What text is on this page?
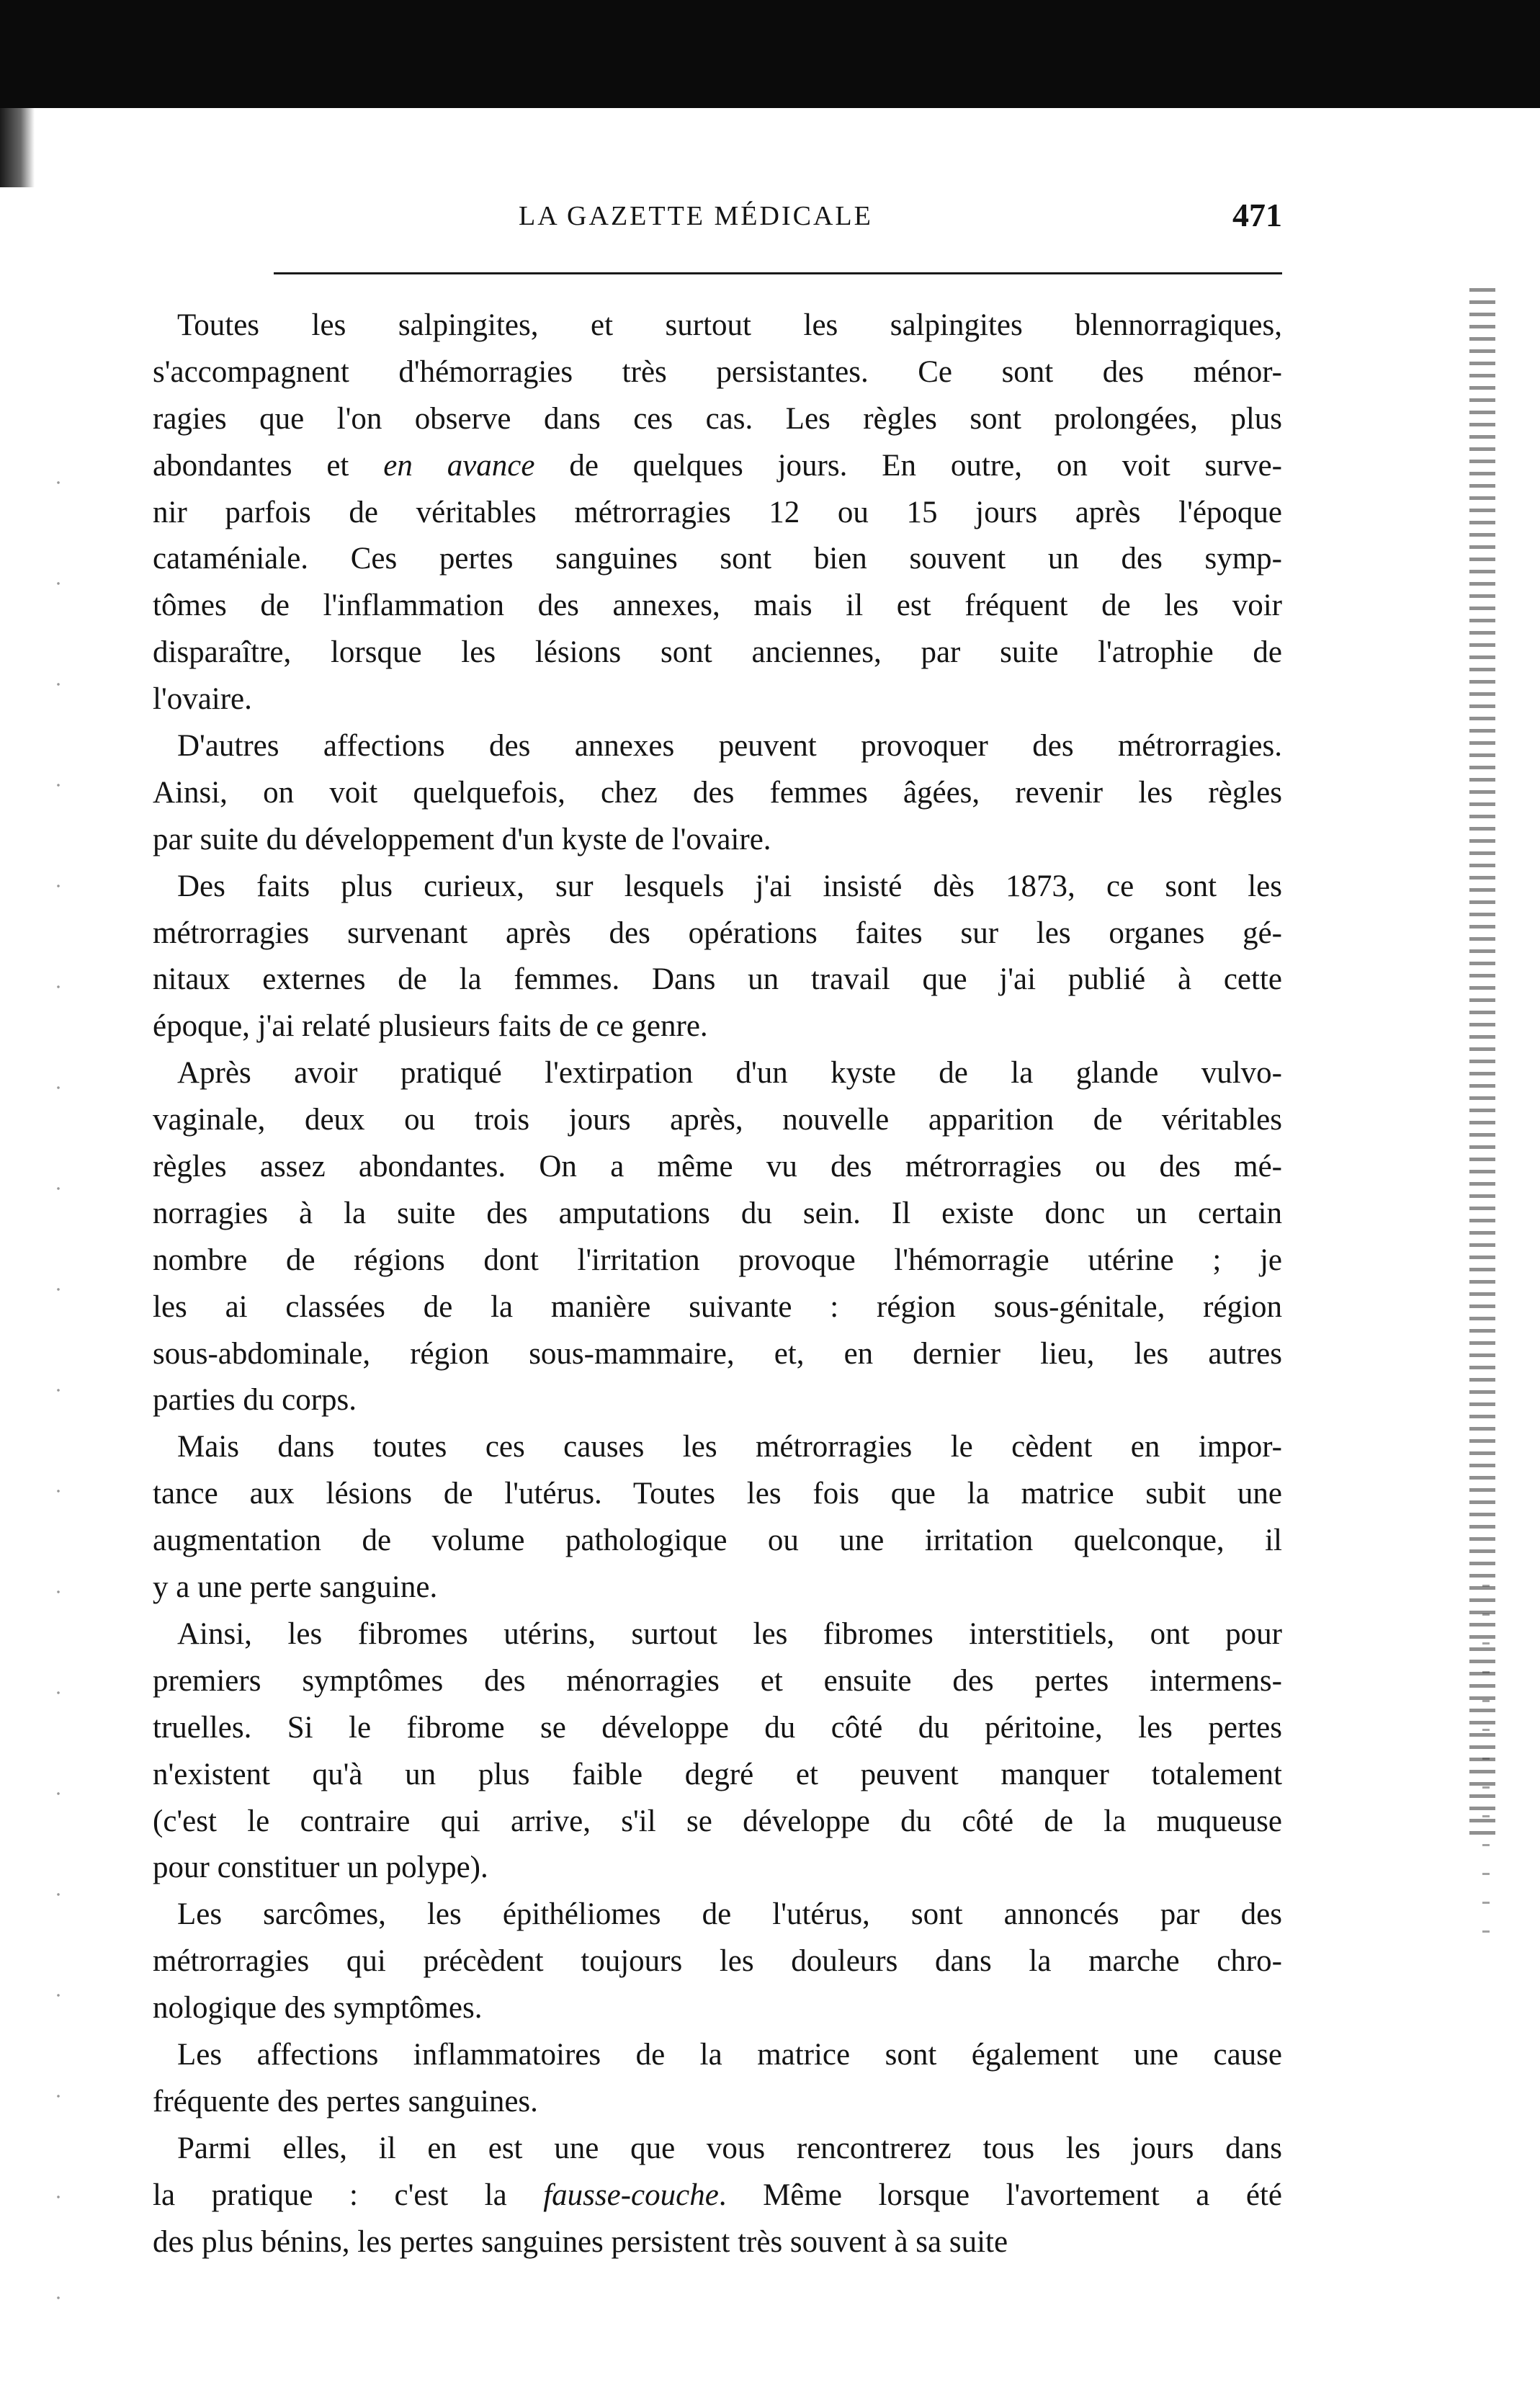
LA GAZETTE MÉDICALE	471
Toutes les salpingites, et surtout les salpingites blennorragiques,
s'accompagnent d'hémorragies très persistantes. Ce sont des ménor-
ragies que l'on observe dans ces cas. Les règles sont prolongées, plus
abondantes et en avance de quelques jours. En outre, on voit surve-
nir parfois de véritables métrorragies 12 ou 15 jours après l'époque
cataméniale. Ces pertes sanguines sont bien souvent un des symp-
tômes de l'inflammation des annexes, mais il est fréquent de les voir
disparaître, lorsque les lésions sont anciennes, par suite l'atrophie de
l'ovaire.
D'autres affections des annexes peuvent provoquer des métrorragies.
Ainsi, on voit quelquefois, chez des femmes âgées, revenir les règles
par suite du développement d'un kyste de l'ovaire.
Des faits plus curieux, sur lesquels j'ai insisté dès 1873, ce sont les
métrorragies survenant après des opérations faites sur les organes gé-
nitaux externes de la femmes. Dans un travail que j'ai publié à cette
époque, j'ai relaté plusieurs faits de ce genre.
Après avoir pratiqué l'extirpation d'un kyste de la glande vulvo-
vaginale, deux ou trois jours après, nouvelle apparition de véritables
règles assez abondantes. On a même vu des métrorragies ou des mé-
norragies à la suite des amputations du sein. Il existe donc un certain
nombre de régions dont l'irritation provoque l'hémorragie utérine ; je
les ai classées de la manière suivante : région sous-génitale, région
sous-abdominale, région sous-mammaire, et, en dernier lieu, les autres
parties du corps.
Mais dans toutes ces causes les métrorragies le cèdent en impor-
tance aux lésions de l'utérus. Toutes les fois que la matrice subit une
augmentation de volume pathologique ou une irritation quelconque, il
y a une perte sanguine.
Ainsi, les fibromes utérins, surtout les fibromes interstitiels, ont pour
premiers symptômes des ménorragies et ensuite des pertes intermens-
truelles. Si le fibrome se développe du côté du péritoine, les pertes
n'existent qu'à un plus faible degré et peuvent manquer totalement
(c'est le contraire qui arrive, s'il se développe du côté de la muqueuse
pour constituer un polype).
Les sarcômes, les épithéliomes de l'utérus, sont annoncés par des
métrorragies qui précèdent toujours les douleurs dans la marche chro-
nologique des symptômes.
Les affections inflammatoires de la matrice sont également une cause
fréquente des pertes sanguines.
Parmi elles, il en est une que vous rencontrerez tous les jours dans
la pratique : c'est la fausse-couche. Même lorsque l'avortement a été
des plus bénins, les pertes sanguines persistent très souvent à sa suite
